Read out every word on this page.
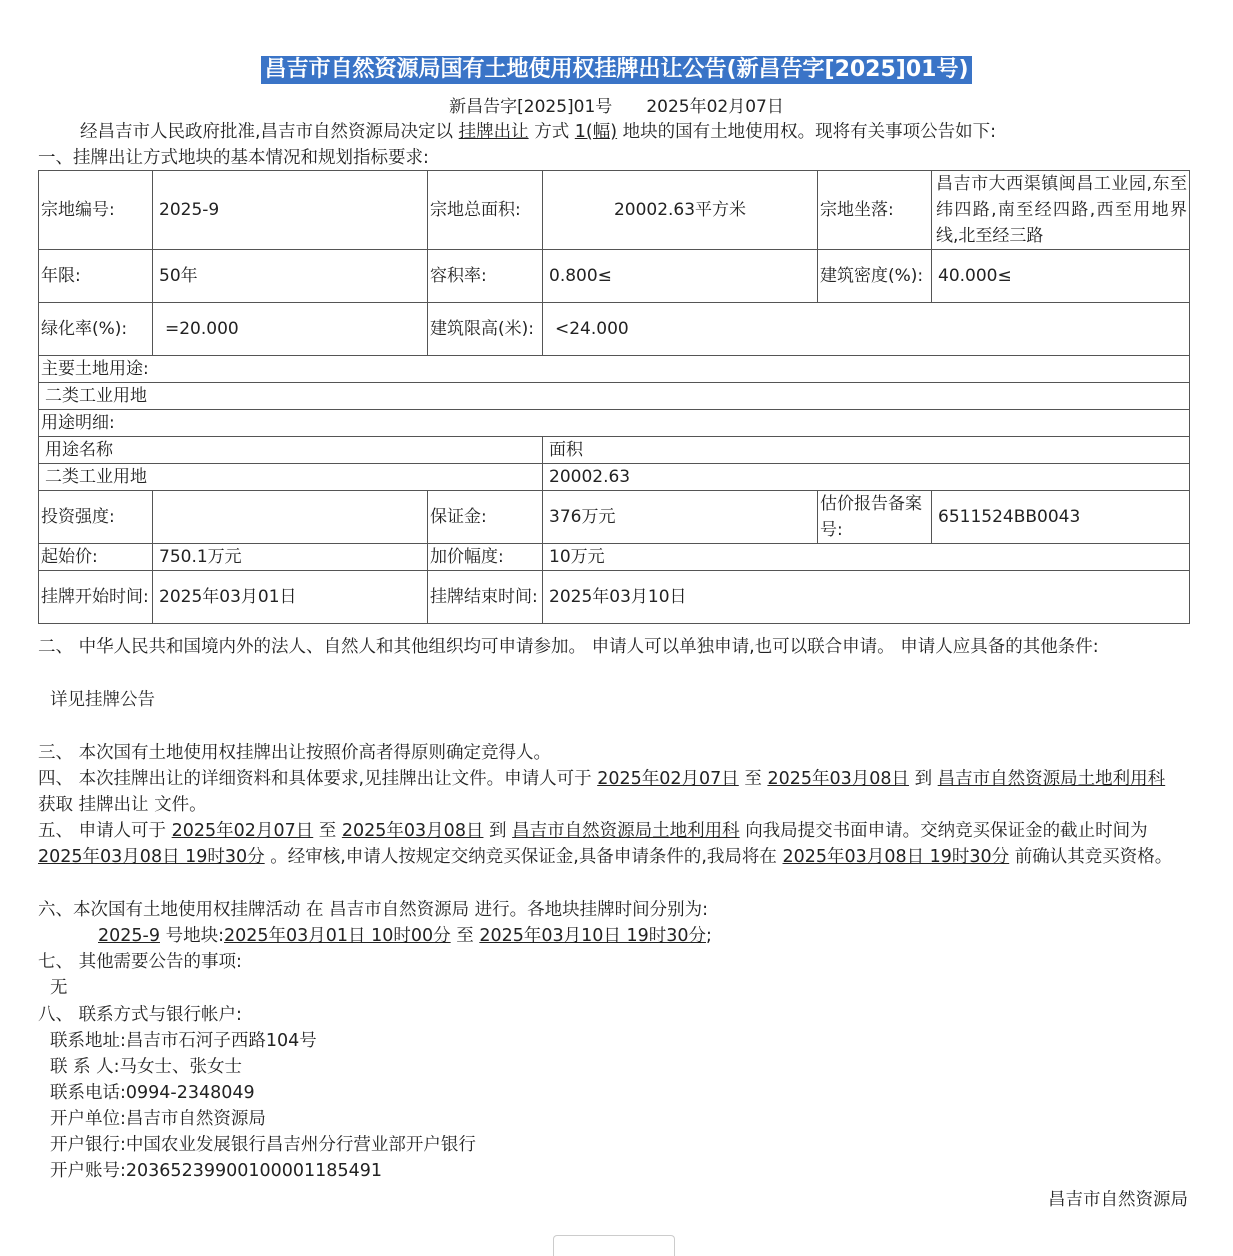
昌吉市自然资源局国有土地使用权挂牌出让公告(新昌告字[2025]01号)
新昌告字[2025]01号 2025年02月07日
经昌吉市人民政府批准,昌吉市自然资源局决定以 挂牌出让 方式 1(幅) 地块的国有土地使用权。现将有关事项公告如下:
一、挂牌出让方式地块的基本情况和规划指标要求:
宗地编号:	2025-9	宗地总面积:	20002.63平方米	宗地坐落:	昌吉市大西渠镇闽昌工业园,东至纬四路,南至经四路,西至用地界线,北至经三路
年限:	50年	容积率:	0.800≤	建筑密度(%):	40.000≤
绿化率(%):	=20.000	建筑限高(米):	<24.000		
主要土地用途:					
二类工业用地					
用途明细:					
用途名称			面积		
二类工业用地			20002.63		
投资强度:		保证金:	376万元	估价报告备案号:	6511524BB0043
起始价:	750.1万元	加价幅度:	10万元		
挂牌开始时间:	2025年03月01日	挂牌结束时间:	2025年03月10日		
二、 中华人民共和国境内外的法人、自然人和其他组织均可申请参加。 申请人可以单独申请,也可以联合申请。 申请人应具备的其他条件:
详见挂牌公告
三、 本次国有土地使用权挂牌出让按照价高者得原则确定竞得人。
四、 本次挂牌出让的详细资料和具体要求,见挂牌出让文件。申请人可于 2025年02月07日 至 2025年03月08日 到 昌吉市自然资源局土地利用科 获取 挂牌出让 文件。
五、 申请人可于 2025年02月07日 至 2025年03月08日 到 昌吉市自然资源局土地利用科 向我局提交书面申请。交纳竞买保证金的截止时间为2025年03月08日 19时30分 。经审核,申请人按规定交纳竞买保证金,具备申请条件的,我局将在 2025年03月08日 19时30分 前确认其竞买资格。
六、本次国有土地使用权挂牌活动 在 昌吉市自然资源局 进行。各地块挂牌时间分别为:
2025-9 号地块:2025年03月01日 10时00分 至 2025年03月10日 19时30分;
七、 其他需要公告的事项:
无
八、 联系方式与银行帐户:
联系地址:昌吉市石河子西路104号
联 系 人:马女士、张女士
联系电话:0994-2348049
开户单位:昌吉市自然资源局
开户银行:中国农业发展银行昌吉州分行营业部开户银行
开户账号:20365239900100001185491
昌吉市自然资源局
